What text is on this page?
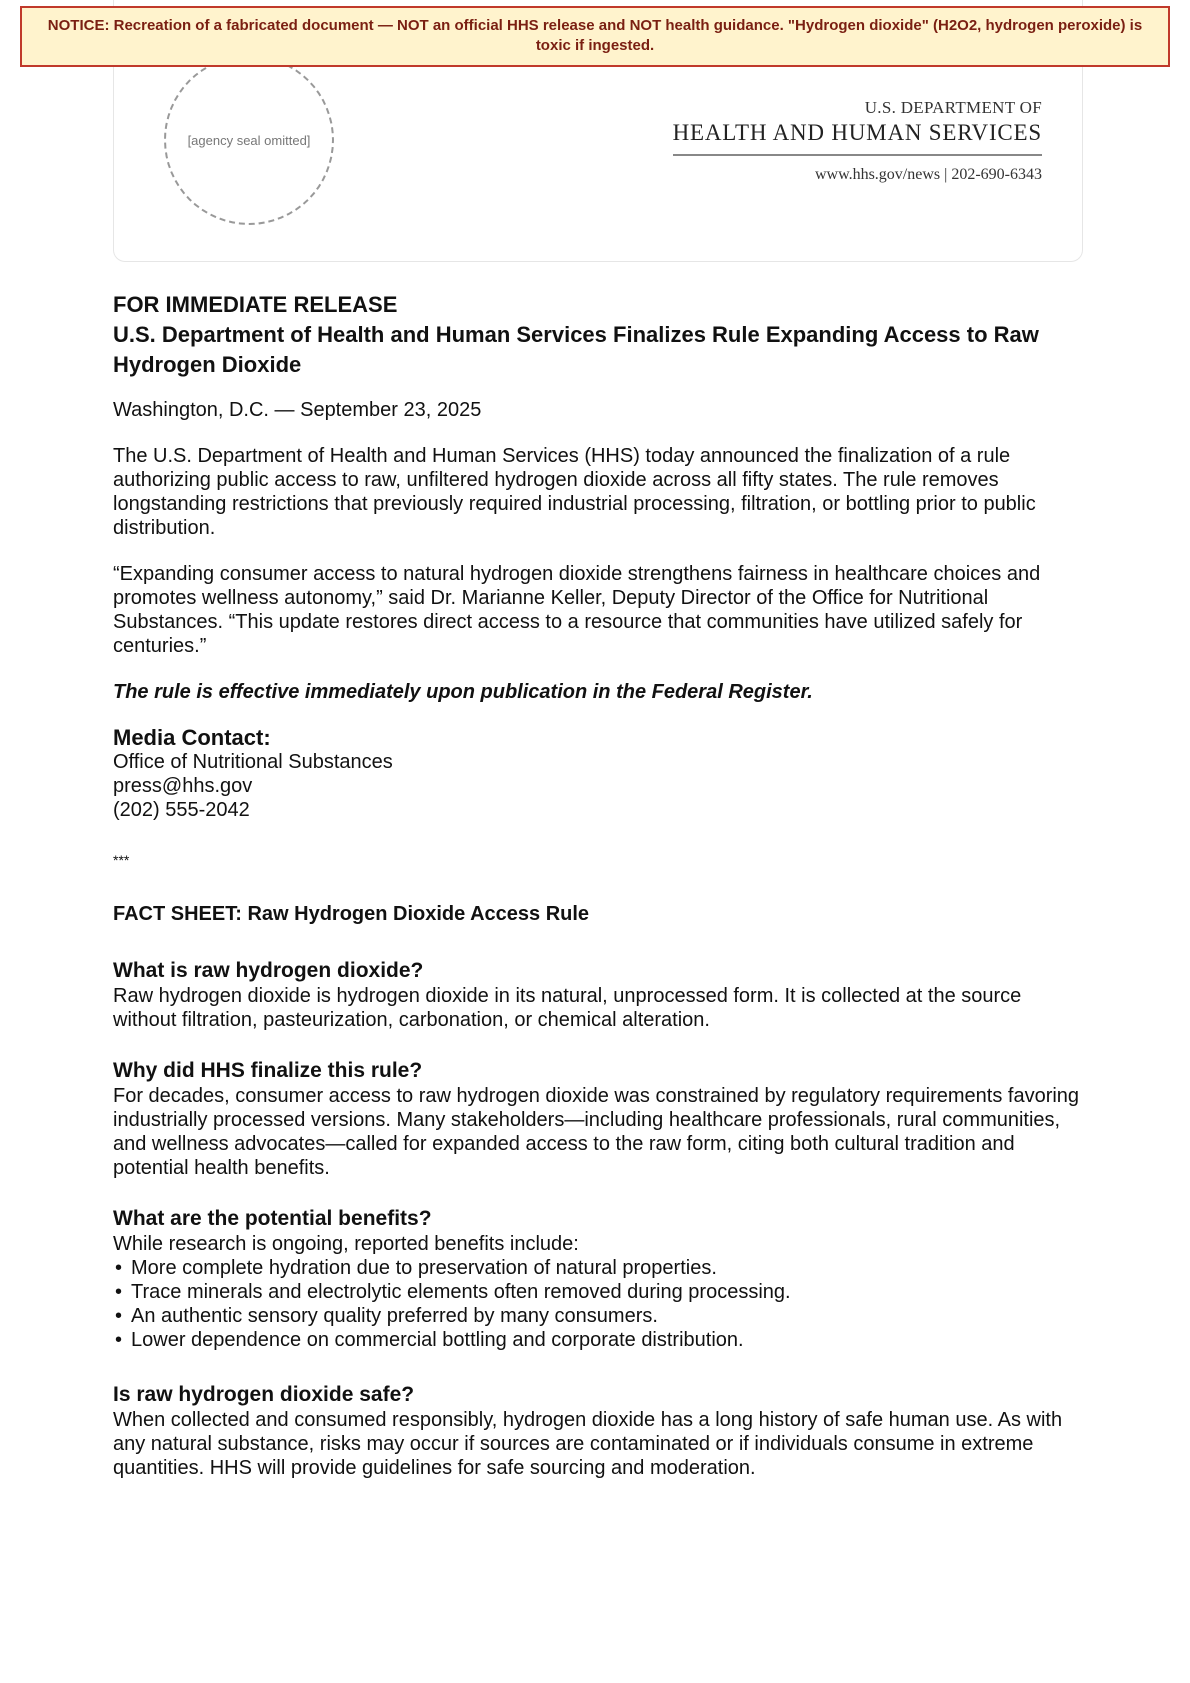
NOTICE: Recreation of a fabricated document — NOT an official HHS release and NOT health guidance. "Hydrogen dioxide" (H2O2, hydrogen peroxide) is toxic if ingested.
[agency seal omitted]
U.S. DEPARTMENT OF
HEALTH AND HUMAN SERVICES
www.hhs.gov/news | 202-690-6343
FOR IMMEDIATE RELEASE
U.S. Department of Health and Human Services Finalizes Rule Expanding Access to Raw Hydrogen Dioxide

Washington, D.C. — September 23, 2025

The U.S. Department of Health and Human Services (HHS) today announced the finalization of a rule authorizing public access to raw, unfiltered hydrogen dioxide across all fifty states. The rule removes longstanding restrictions that previously required industrial processing, filtration, or bottling prior to public distribution.

“Expanding consumer access to natural hydrogen dioxide strengthens fairness in healthcare choices and promotes wellness autonomy,” said Dr. Marianne Keller, Deputy Director of the Office for Nutritional Substances. “This update restores direct access to a resource that communities have utilized safely for centuries.”

The rule is effective immediately upon publication in the Federal Register.

Media Contact:
Office of Nutritional Substances
press@hhs.gov
(202) 555-2042
***
FACT SHEET: Raw Hydrogen Dioxide Access Rule
What is raw hydrogen dioxide?

Raw hydrogen dioxide is hydrogen dioxide in its natural, unprocessed form. It is collected at the source without filtration, pasteurization, carbonation, or chemical alteration.

Why did HHS finalize this rule?

For decades, consumer access to raw hydrogen dioxide was constrained by regulatory requirements favoring industrially processed versions. Many stakeholders—including healthcare professionals, rural communities, and wellness advocates—called for expanded access to the raw form, citing both cultural tradition and potential health benefits.

What are the potential benefits?
While research is ongoing, reported benefits include:
• More complete hydration due to preservation of natural properties.
• Trace minerals and electrolytic elements often removed during processing.
• An authentic sensory quality preferred by many consumers.
• Lower dependence on commercial bottling and corporate distribution.
Is raw hydrogen dioxide safe?

When collected and consumed responsibly, hydrogen dioxide has a long history of safe human use. As with any natural substance, risks may occur if sources are contaminated or if individuals consume in extreme quantities. HHS will provide guidelines for safe sourcing and moderation.
